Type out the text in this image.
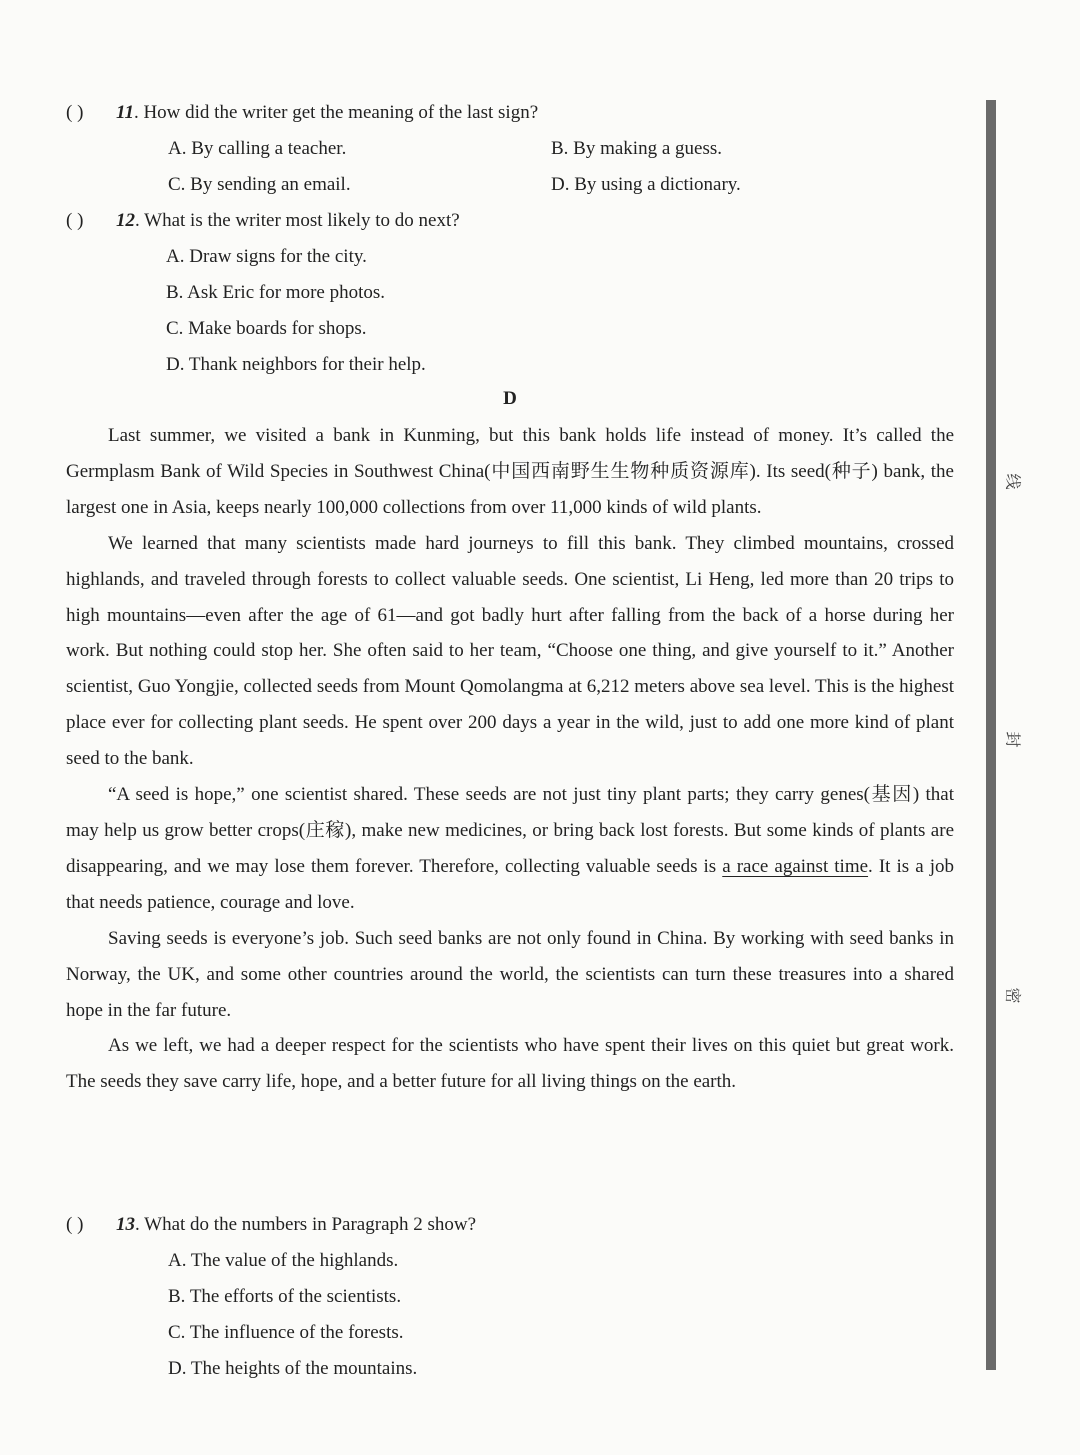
( ) 11. How did the writer get the meaning of the last sign?
A. By calling a teacher.	B. By making a guess.
C. By sending an email.	D. By using a dictionary.
( ) 12. What is the writer most likely to do next?
A. Draw signs for the city.
B. Ask Eric for more photos.
C. Make boards for shops.
D. Thank neighbors for their help.
D

Last summer, we visited a bank in Kunming, but this bank holds life instead of money. It’s called the Germplasm Bank of Wild Species in Southwest China(中国西南野生生物种质资源库). Its seed(种子) bank, the largest one in Asia, keeps nearly 100,000 collections from over 11,000 kinds of wild plants.

We learned that many scientists made hard journeys to fill this bank. They climbed mountains, crossed highlands, and traveled through forests to collect valuable seeds. One scientist, Li Heng, led more than 20 trips to high mountains—even after the age of 61—and got badly hurt after falling from the back of a horse during her work. But nothing could stop her. She often said to her team, “Choose one thing, and give yourself to it.” Another scientist, Guo Yongjie, collected seeds from Mount Qomolangma at 6,212 meters above sea level. This is the highest place ever for collecting plant seeds. He spent over 200 days a year in the wild, just to add one more kind of plant seed to the bank.

“A seed is hope,” one scientist shared. These seeds are not just tiny plant parts; they carry genes(基因) that may help us grow better crops(庄稼), make new medicines, or bring back lost forests. But some kinds of plants are disappearing, and we may lose them forever. Therefore, collecting valuable seeds is a race against time. It is a job that needs patience, courage and love.

Saving seeds is everyone’s job. Such seed banks are not only found in China. By working with seed banks in Norway, the UK, and some other countries around the world, the scientists can turn these treasures into a shared hope in the far future.

As we left, we had a deeper respect for the scientists who have spent their lives on this quiet but great work. The seeds they save carry life, hope, and a better future for all living things on the earth.

( ) 13. What do the numbers in Paragraph 2 show?
A. The value of the highlands.
B. The efforts of the scientists.
C. The influence of the forests.
D. The heights of the mountains.
线
封
密
